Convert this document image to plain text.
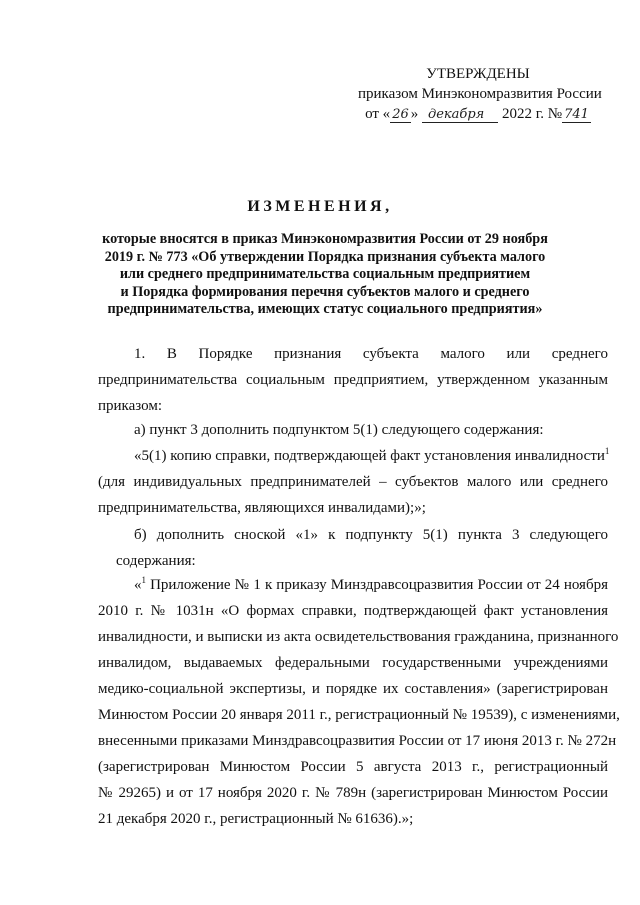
УТВЕРЖДЕНЫ
приказом Минэкономразвития России
от « 26 » декабря 2022 г. № 741
ИЗМЕНЕНИЯ,
которые вносятся в приказ Минэкономразвития России от 29 ноября
2019 г. № 773 «Об утверждении Порядка признания субъекта малого
или среднего предпринимательства социальным предприятием
и Порядка формирования перечня субъектов малого и среднего
предпринимательства, имеющих статус социального предприятия»
1. В Порядке признания субъекта малого или среднего
предпринимательства социальным предприятием, утвержденном указанным
приказом:
а) пункт 3 дополнить подпунктом 5(1) следующего содержания:
«5(1) копию справки, подтверждающей факт установления инвалидности$^1$
(для индивидуальных предпринимателей – субъектов малого или среднего
предпринимательства, являющихся инвалидами);»;
б) дополнить сноской «1» к подпункту 5(1) пункта 3 следующего
содержания:
«$^1$ Приложение № 1 к приказу Минздравсоцразвития России от 24 ноября
2010 г. № 1031н «О формах справки, подтверждающей факт установления
инвалидности, и выписки из акта освидетельствования гражданина, признанного
инвалидом, выдаваемых федеральными государственными учреждениями
медико-социальной экспертизы, и порядке их составления» (зарегистрирован
Минюстом России 20 января 2011 г., регистрационный № 19539), с изменениями,
внесенными приказами Минздравсоцразвития России от 17 июня 2013 г. № 272н
(зарегистрирован Минюстом России 5 августа 2013 г., регистрационный
№ 29265) и от 17 ноября 2020 г. № 789н (зарегистрирован Минюстом России
21 декабря 2020 г., регистрационный № 61636).»;
